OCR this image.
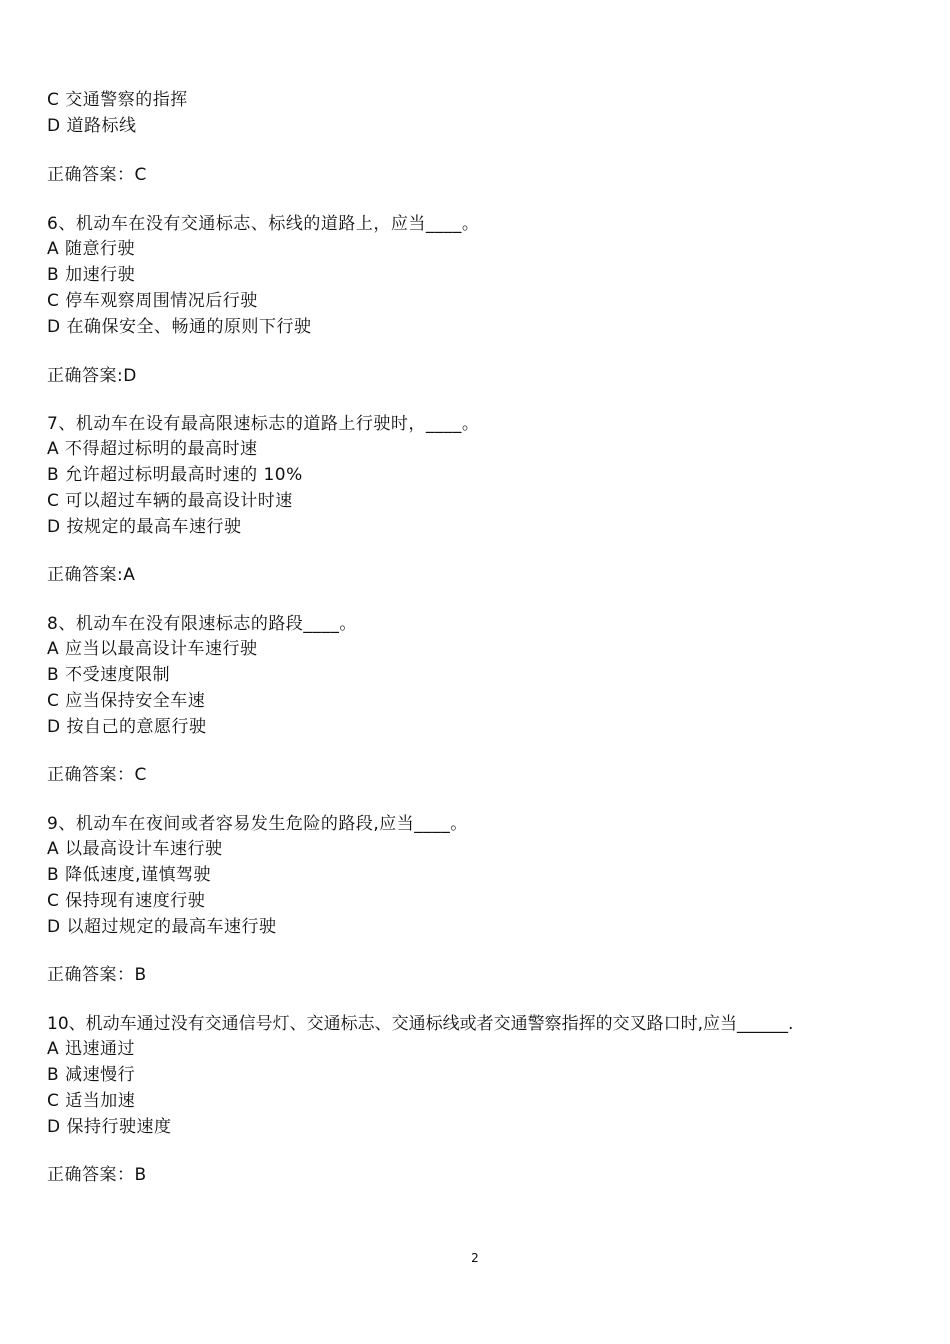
C 交通警察的指挥
D 道路标线
正确答案：C
6、机动车在没有交通标志、标线的道路上，应当____。
A 随意行驶
B 加速行驶
C 停车观察周围情况后行驶
D 在确保安全、畅通的原则下行驶
正确答案:D
7、机动车在设有最高限速标志的道路上行驶时，____。
A 不得超过标明的最高时速
B 允许超过标明最高时速的 10%
C 可以超过车辆的最高设计时速
D 按规定的最高车速行驶
正确答案:A
8、机动车在没有限速标志的路段____。
A 应当以最高设计车速行驶
B 不受速度限制
C 应当保持安全车速
D 按自己的意愿行驶
正确答案：C
9、机动车在夜间或者容易发生危险的路段,应当____。
A 以最高设计车速行驶
B 降低速度,谨慎驾驶
C 保持现有速度行驶
D 以超过规定的最高车速行驶
正确答案：B
10、机动车通过没有交通信号灯、交通标志、交通标线或者交通警察指挥的交叉路口时,应当______.
A 迅速通过
B 减速慢行
C 适当加速
D 保持行驶速度
正确答案：B
2
